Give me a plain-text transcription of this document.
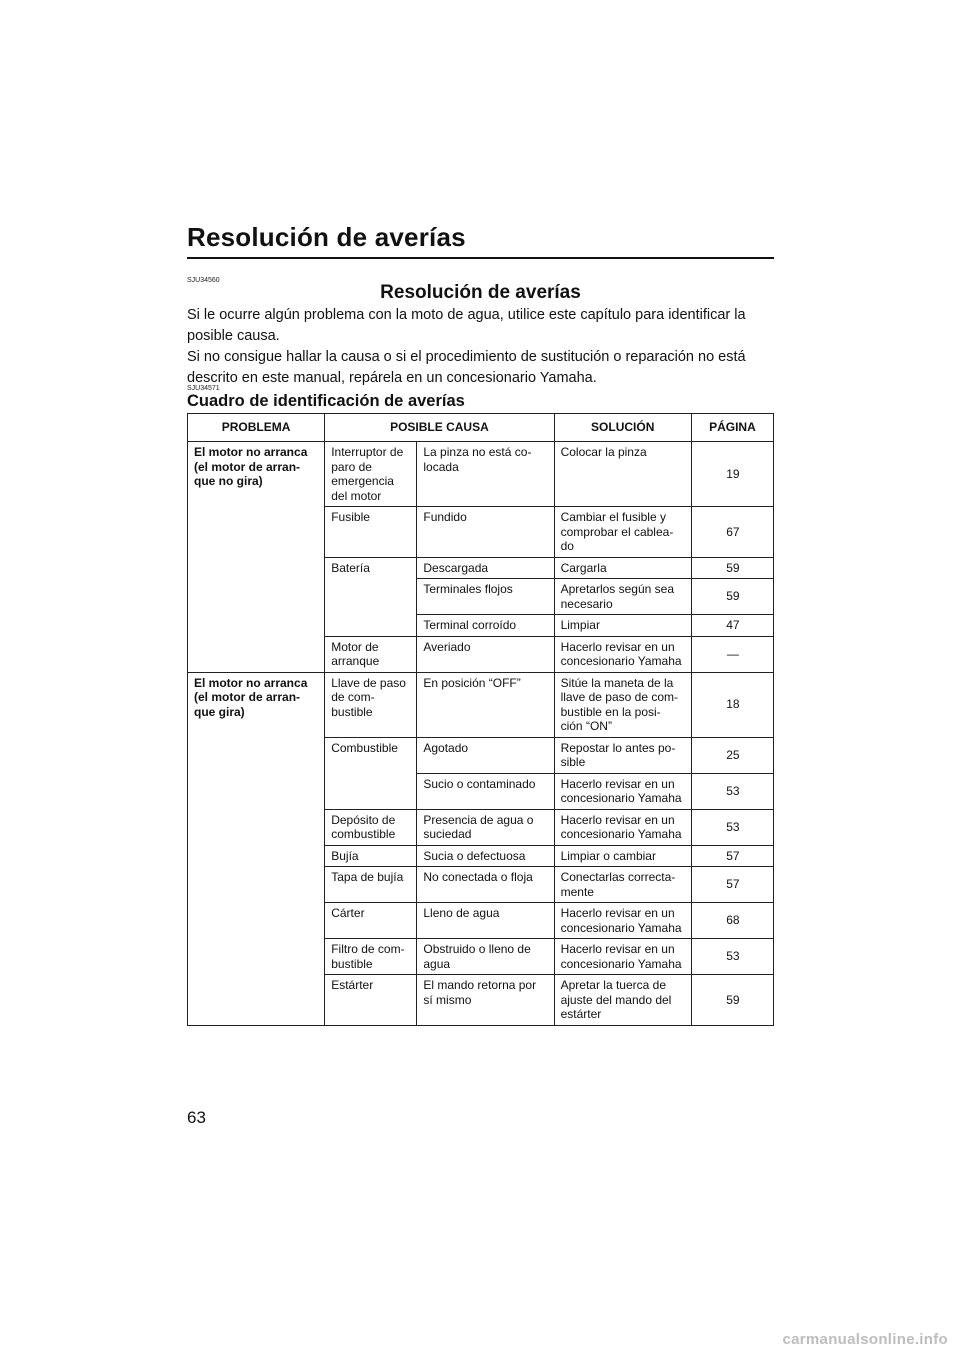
Resolución de averías
SJU34560
Resolución de averías

Si le ocurre algún problema con la moto de agua, utilice este capítulo para identificar la posible causa.

Si no consigue hallar la causa o si el procedimiento de sustitución o reparación no está descrito en este manual, repárela en un concesionario Yamaha.

SJU34571
Cuadro de identificación de averías
PROBLEMA	POSIBLE CAUSA		SOLUCIÓN	PÁGINA
El motor no arranca (el motor de arran- que no gira)	Interruptor de paro de emergencia del motor	La pinza no está co- locada	Colocar la pinza	19
	Fusible	Fundido	Cambiar el fusible y comprobar el cablea- do	67
	Batería	Descargada	Cargarla	59
		Terminales flojos	Apretarlos según sea necesario	59
		Terminal corroído	Limpiar	47
	Motor de arranque	Averiado	Hacerlo revisar en un concesionario Yamaha	—
El motor no arranca (el motor de arran- que gira)	Llave de paso de com- bustible	En posición “OFF”	Sitúe la maneta de la llave de paso de com- bustible en la posi- ción “ON”	18
	Combustible	Agotado	Repostar lo antes po- sible	25
		Sucio o contaminado	Hacerlo revisar en un concesionario Yamaha	53
	Depósito de combustible	Presencia de agua o suciedad	Hacerlo revisar en un concesionario Yamaha	53
	Bujía	Sucia o defectuosa	Limpiar o cambiar	57
	Tapa de bujía	No conectada o floja	Conectarlas correcta- mente	57
	Cárter	Lleno de agua	Hacerlo revisar en un concesionario Yamaha	68
	Filtro de com- bustible	Obstruido o lleno de agua	Hacerlo revisar en un concesionario Yamaha	53
	Estárter	El mando retorna por sí mismo	Apretar la tuerca de ajuste del mando del estárter	59
63
carmanualsonline.info
